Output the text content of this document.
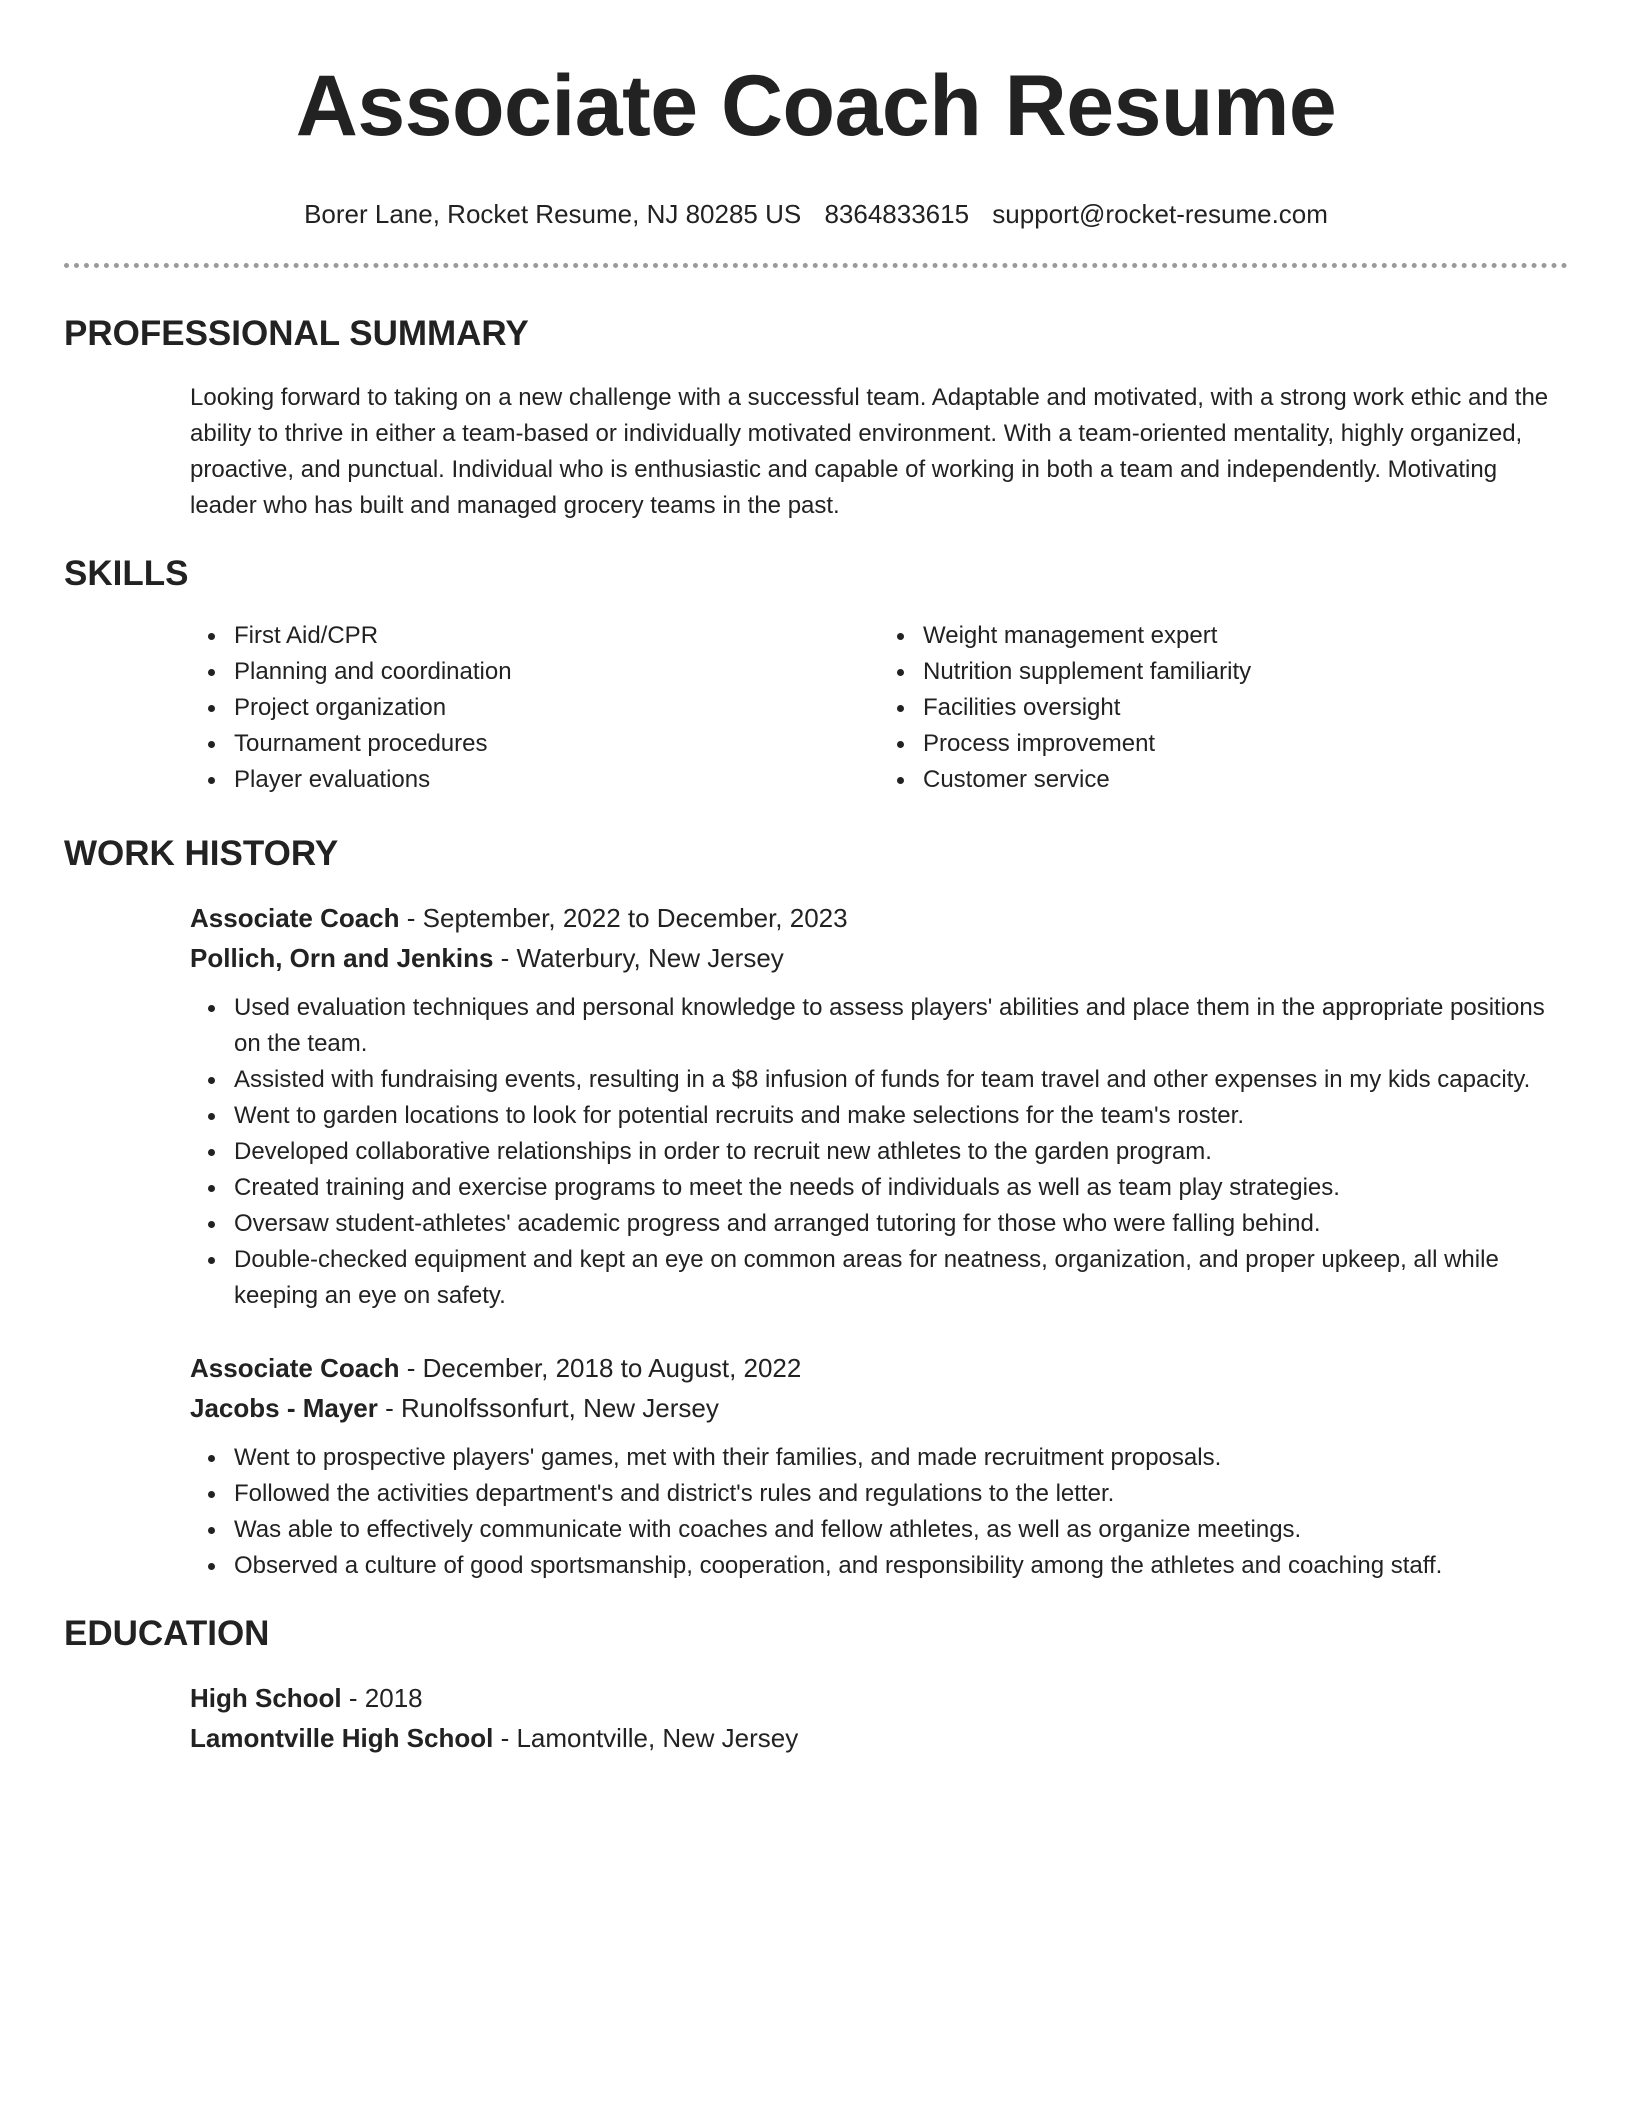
Associate Coach Resume
Borer Lane, Rocket Resume, NJ 80285 US 8364833615 support@rocket-resume.com
PROFESSIONAL SUMMARY

Looking forward to taking on a new challenge with a successful team. Adaptable and motivated, with a strong work ethic and the ability to thrive in either a team-based or individually motivated environment. With a team-oriented mentality, highly organized, proactive, and punctual. Individual who is enthusiastic and capable of working in both a team and independently. Motivating leader who has built and managed grocery teams in the past.

SKILLS
First Aid/CPR
Planning and coordination
Project organization
Tournament procedures
Player evaluations
Weight management expert
Nutrition supplement familiarity
Facilities oversight
Process improvement
Customer service
WORK HISTORY
Associate Coach - September, 2022 to December, 2023
Pollich, Orn and Jenkins - Waterbury, New Jersey
Used evaluation techniques and personal knowledge to assess players' abilities and place them in the appropriate positions on the team.
Assisted with fundraising events, resulting in a $8 infusion of funds for team travel and other expenses in my kids capacity.
Went to garden locations to look for potential recruits and make selections for the team's roster.
Developed collaborative relationships in order to recruit new athletes to the garden program.
Created training and exercise programs to meet the needs of individuals as well as team play strategies.
Oversaw student-athletes' academic progress and arranged tutoring for those who were falling behind.
Double-checked equipment and kept an eye on common areas for neatness, organization, and proper upkeep, all while keeping an eye on safety.
Associate Coach - December, 2018 to August, 2022
Jacobs - Mayer - Runolfssonfurt, New Jersey
Went to prospective players' games, met with their families, and made recruitment proposals.
Followed the activities department's and district's rules and regulations to the letter.
Was able to effectively communicate with coaches and fellow athletes, as well as organize meetings.
Observed a culture of good sportsmanship, cooperation, and responsibility among the athletes and coaching staff.
EDUCATION
High School - 2018
Lamontville High School - Lamontville, New Jersey
